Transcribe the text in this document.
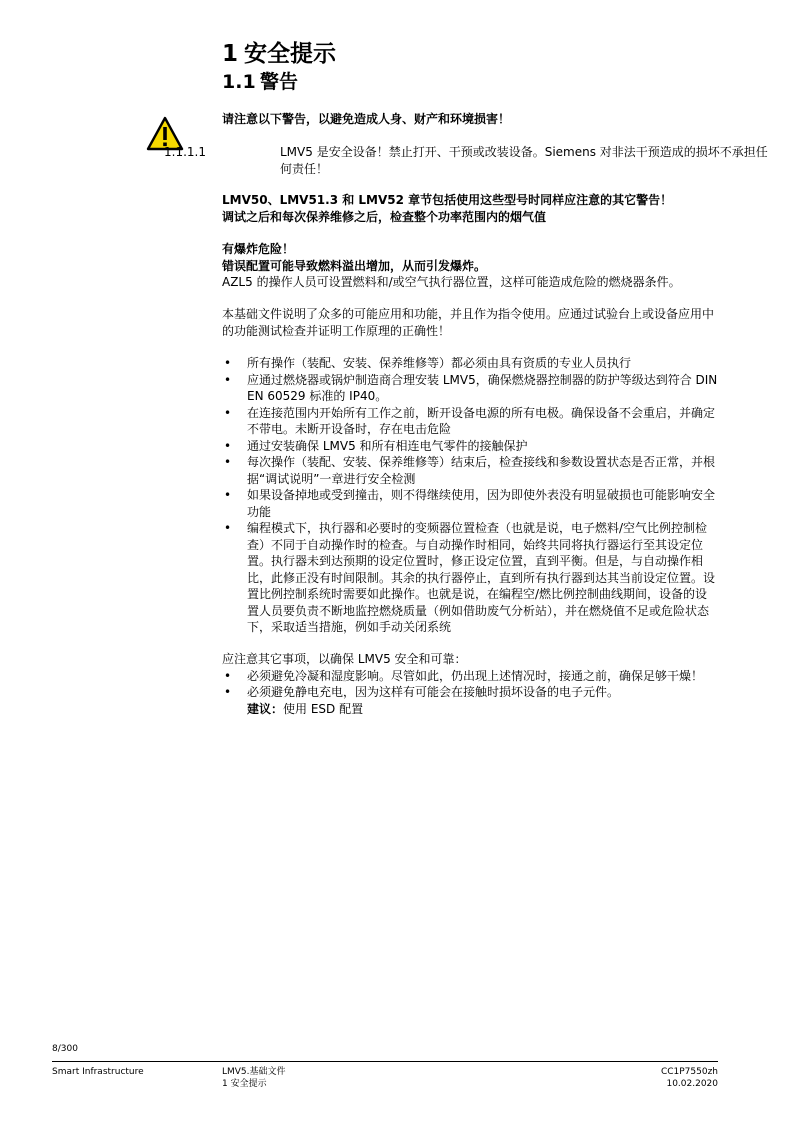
1 安全提示
1.1 警告
请注意以下警告，以避免造成人身、财产和环境损害！
1.1.1.1	LMV5 是安全设备！禁止打开、干预或改装设备。Siemens 对非法干预造成的损坏不承担任何责任！
LMV50、LMV51.3 和 LMV52 章节包括使用这些型号时同样应注意的其它警告！
调试之后和每次保养维修之后，检查整个功率范围内的烟气值
有爆炸危险！
错误配置可能导致燃料溢出增加，从而引发爆炸。
AZL5 的操作人员可设置燃料和/或空气执行器位置，这样可能造成危险的燃烧器条件。
本基础文件说明了众多的可能应用和功能，并且作为指令使用。应通过试验台上或设备应用中的功能测试检查并证明工作原理的正确性！
• 所有操作（装配、安装、保养维修等）都必须由具有资质的专业人员执行
• 应通过燃烧器或锅炉制造商合理安装 LMV5，确保燃烧器控制器的防护等级达到符合 DIN EN 60529 标准的 IP40。
• 在连接范围内开始所有工作之前，断开设备电源的所有电极。确保设备不会重启，并确定不带电。未断开设备时，存在电击危险
• 通过安装确保 LMV5 和所有相连电气零件的接触保护
• 每次操作（装配、安装、保养维修等）结束后，检查接线和参数设置状态是否正常，并根据“调试说明”一章进行安全检测
• 如果设备掉地或受到撞击，则不得继续使用，因为即使外表没有明显破损也可能影响安全功能
• 编程模式下，执行器和必要时的变频器位置检查（也就是说，电子燃料/空气比例控制检查）不同于自动操作时的检查。与自动操作时相同，始终共同将执行器运行至其设定位置。执行器未到达预期的设定位置时，修正设定位置，直到平衡。但是，与自动操作相比，此修正没有时间限制。其余的执行器停止，直到所有执行器到达其当前设定位置。设置比例控制系统时需要如此操作。也就是说，在编程空/燃比例控制曲线期间，设备的设置人员要负责不断地监控燃烧质量（例如借助废气分析站），并在燃烧值不足或危险状态下，采取适当措施，例如手动关闭系统
应注意其它事项，以确保 LMV5 安全和可靠：
• 必须避免冷凝和湿度影响。尽管如此，仍出现上述情况时，接通之前，确保足够干燥！
• 必须避免静电充电，因为这样有可能会在接触时损坏设备的电子元件。
建议：使用 ESD 配置
8/300
Smart Infrastructure	LMV5.基础文件
1 安全提示
CC1P7550zh
10.02.2020
